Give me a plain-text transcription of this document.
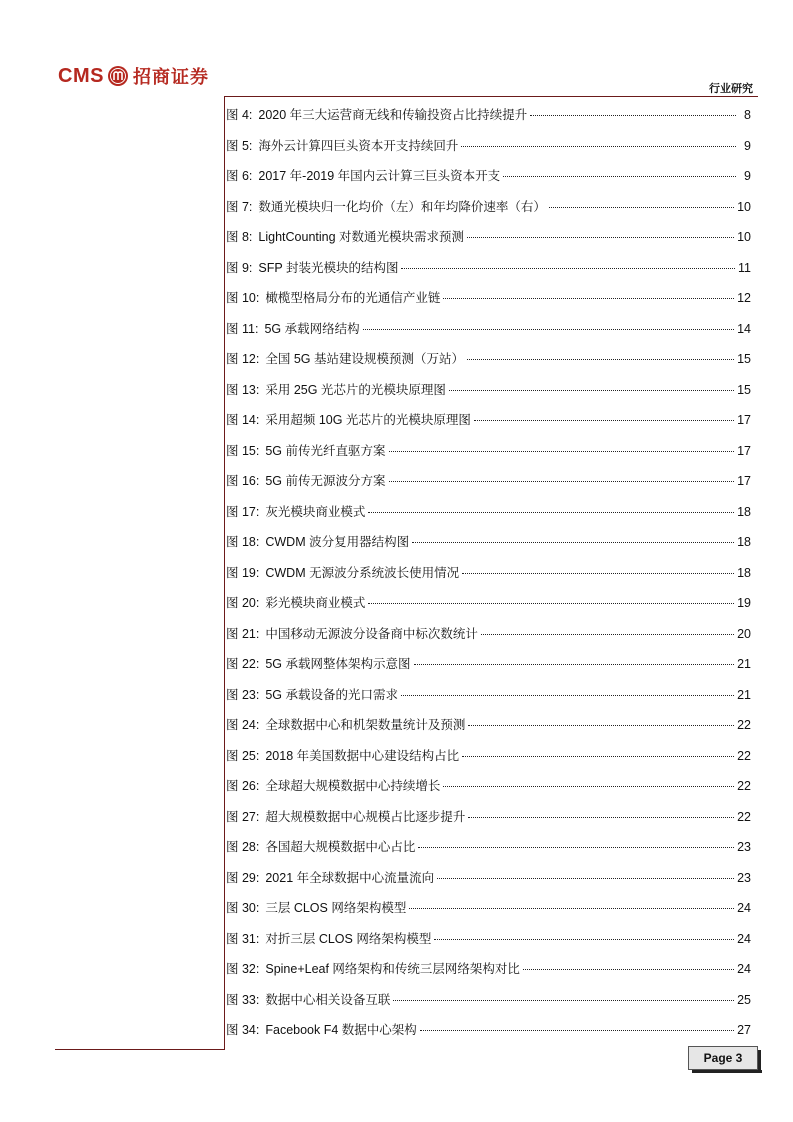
CMS 招商证券
行业研究
图 4: 2020 年三大运营商无线和传输投资占比持续提升	8
图 5: 海外云计算四巨头资本开支持续回升	9
图 6: 2017 年-2019 年国内云计算三巨头资本开支	9
图 7: 数通光模块归一化均价（左）和年均降价速率（右）	10
图 8: LightCounting 对数通光模块需求预测	10
图 9: SFP 封装光模块的结构图	11
图 10: 橄榄型格局分布的光通信产业链	12
图 11: 5G 承载网络结构	14
图 12: 全国 5G 基站建设规模预测（万站）	15
图 13: 采用 25G 光芯片的光模块原理图	15
图 14: 采用超频 10G 光芯片的光模块原理图	17
图 15: 5G 前传光纤直驱方案	17
图 16: 5G 前传无源波分方案	17
图 17: 灰光模块商业模式	18
图 18: CWDM 波分复用器结构图	18
图 19: CWDM 无源波分系统波长使用情况	18
图 20: 彩光模块商业模式	19
图 21: 中国移动无源波分设备商中标次数统计	20
图 22: 5G 承载网整体架构示意图	21
图 23: 5G 承载设备的光口需求	21
图 24: 全球数据中心和机架数量统计及预测	22
图 25: 2018 年美国数据中心建设结构占比	22
图 26: 全球超大规模数据中心持续增长	22
图 27: 超大规模数据中心规模占比逐步提升	22
图 28: 各国超大规模数据中心占比	23
图 29: 2021 年全球数据中心流量流向	23
图 30: 三层 CLOS 网络架构模型	24
图 31: 对折三层 CLOS 网络架构模型	24
图 32: Spine+Leaf 网络架构和传统三层网络架构对比	24
图 33: 数据中心相关设备互联	25
图 34: Facebook F4 数据中心架构	27
Page 3
